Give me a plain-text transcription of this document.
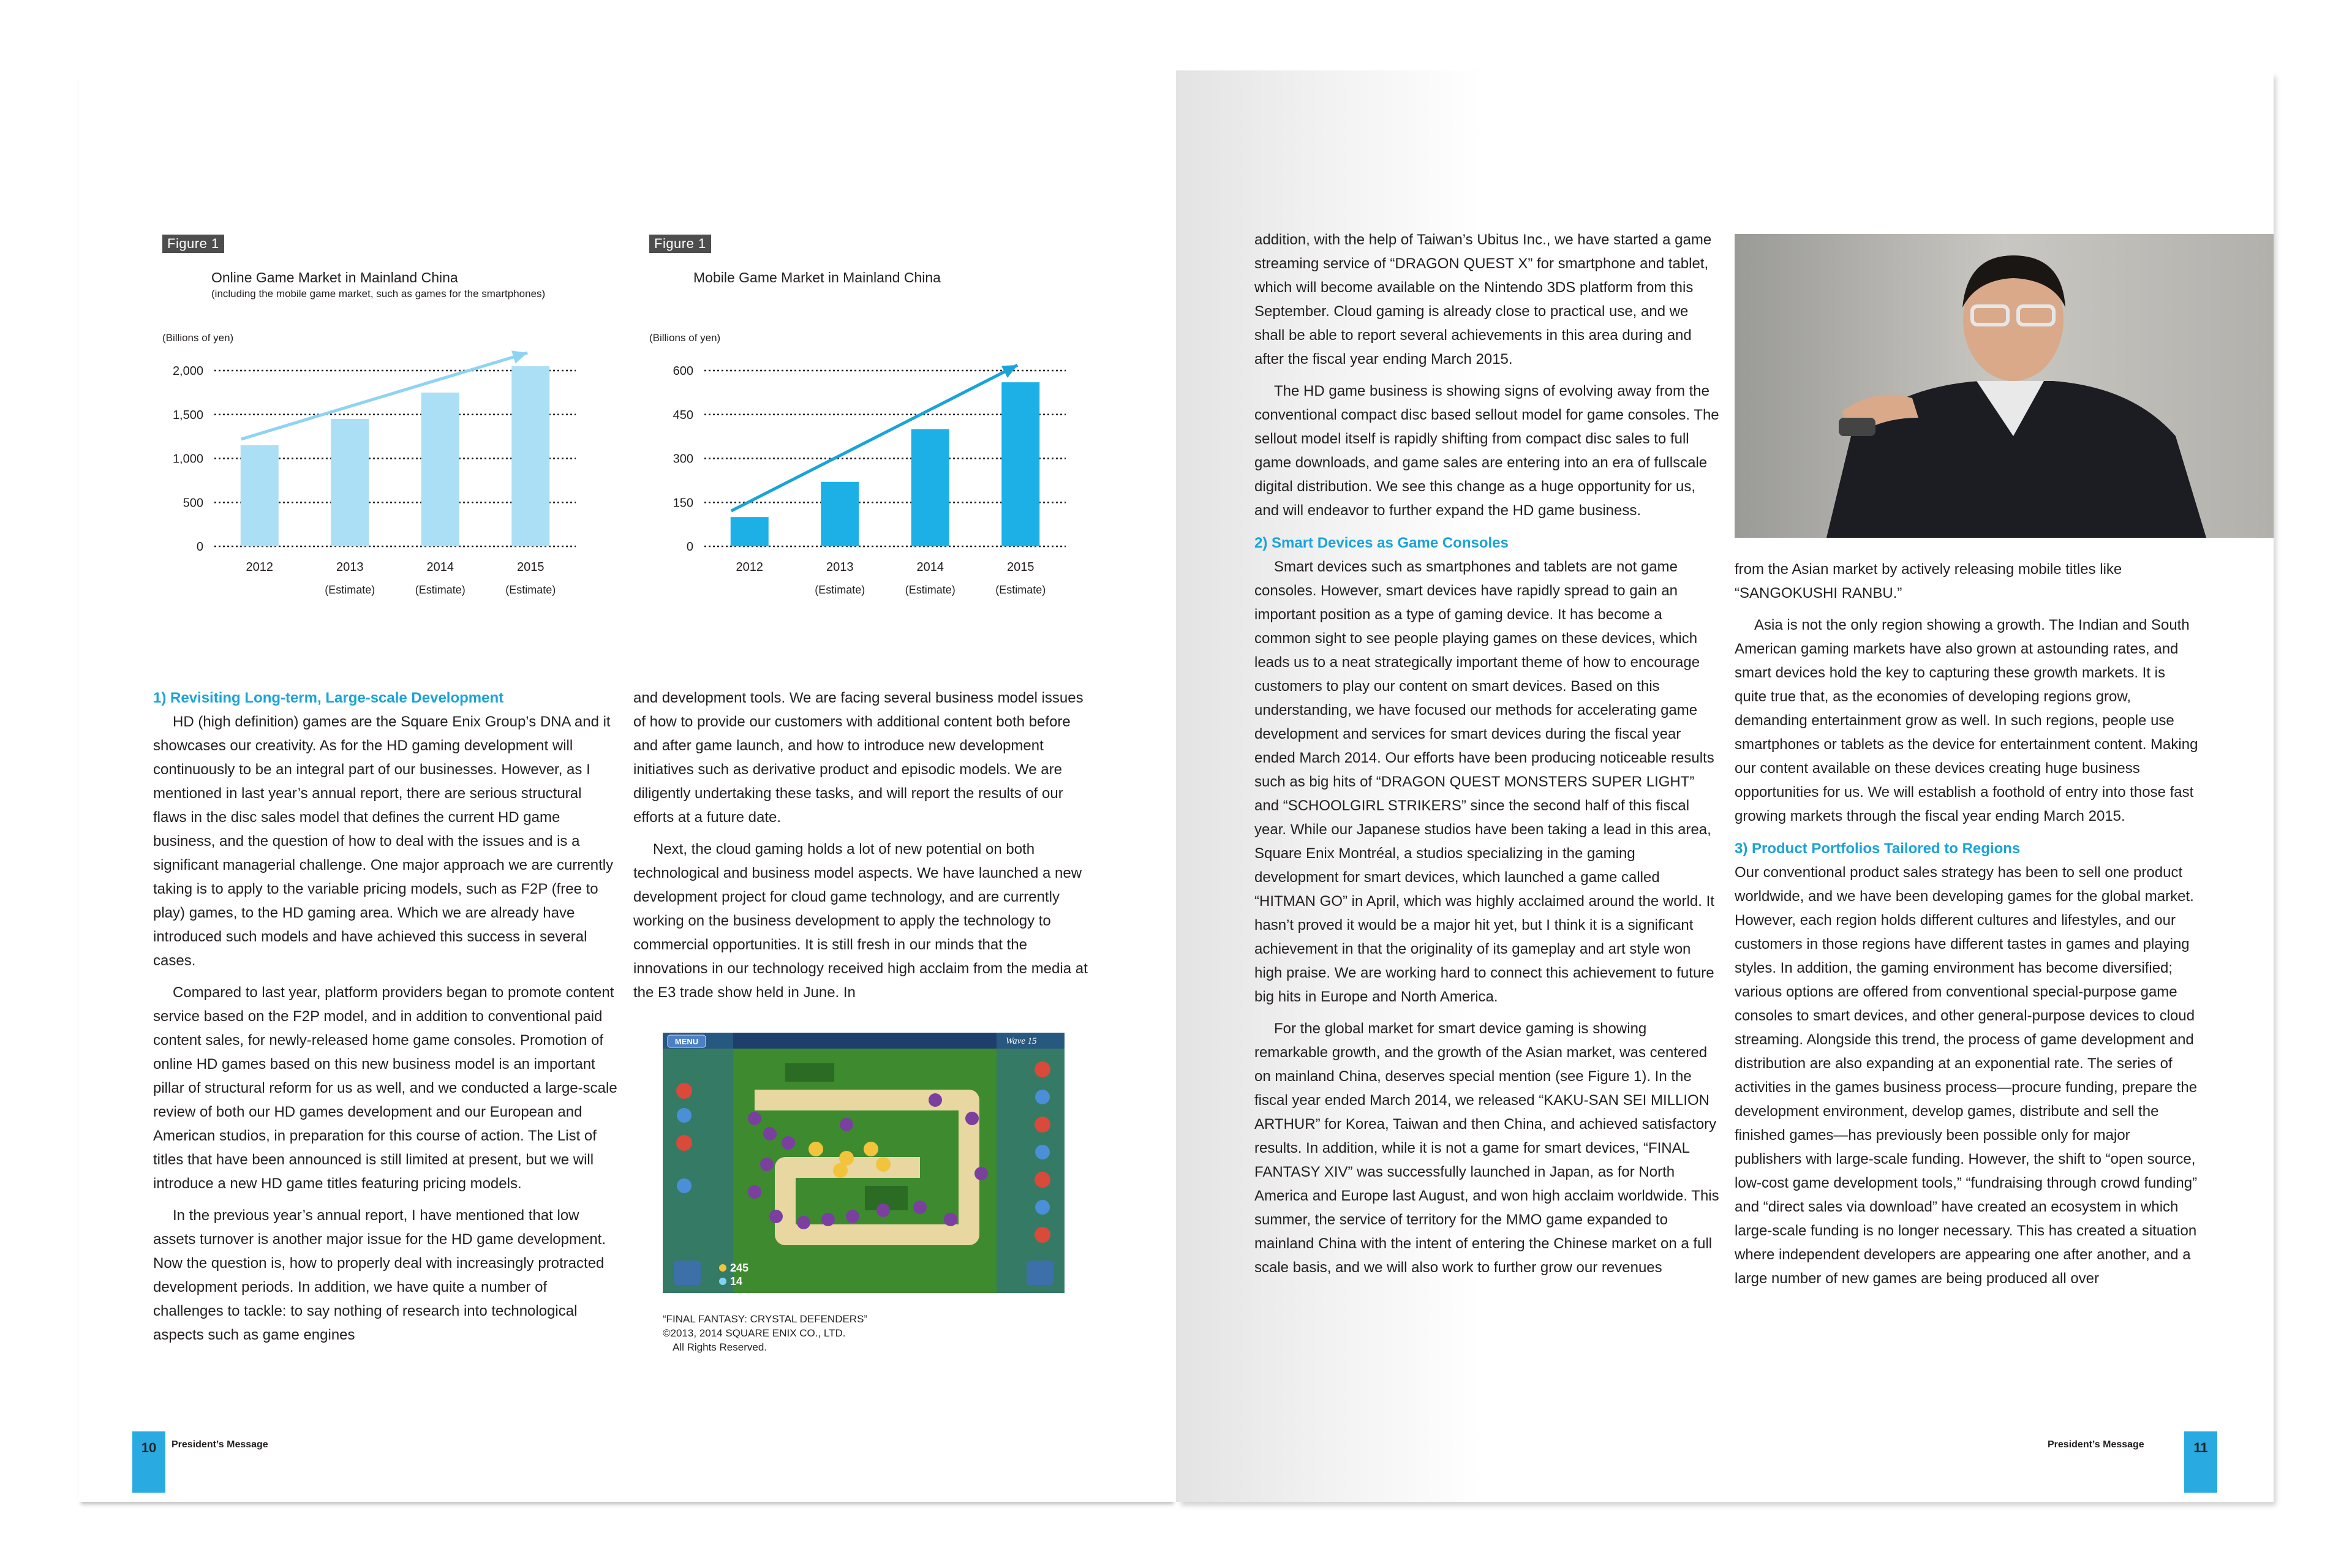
Figure 1
Online Game Market in Mainland China
(including the mobile game market, such as games for the smartphones)
(Billions of yen)
0
500
1,000
1,500
2,000
2012	2013
(Estimate)
2014
(Estimate)
2015
(Estimate)
Figure 1
Mobile Game Market in Mainland China
(Billions of yen)
0
150
300
450
600
2012	2013
(Estimate)
2014
(Estimate)
2015
(Estimate)
1) Revisiting Long-term, Large-scale Development

HD (high definition) games are the Square Enix Group’s DNA and it showcases our creativity. As for the HD gaming development will continuously to be an integral part of our businesses. However, as I mentioned in last year’s annual report, there are serious structural flaws in the disc sales model that defines the current HD game business, and the question of how to deal with the issues and is a significant managerial challenge. One major approach we are currently taking is to apply to the variable pricing models, such as F2P (free to play) games, to the HD gaming area. Which we are already have introduced such models and have achieved this success in several cases.

Compared to last year, platform providers began to promote content service based on the F2P model, and in addition to conventional paid content sales, for newly-released home game consoles. Promotion of online HD games based on this new business model is an important pillar of structural reform for us as well, and we conducted a large-scale review of both our HD games development and our European and American studios, in preparation for this course of action. The List of titles that have been announced is still limited at present, but we will introduce a new HD game titles featuring pricing models.

In the previous year’s annual report, I have mentioned that low assets turnover is another major issue for the HD game development. Now the question is, how to properly deal with increasingly protracted development periods. In addition, we have quite a number of challenges to tackle: to say nothing of research into technological aspects such as game engines

and development tools. We are facing several business model issues of how to provide our customers with additional content both before and after game launch, and how to introduce new development initiatives such as derivative product and episodic models. We are diligently undertaking these tasks, and will report the results of our efforts at a future date.

Next, the cloud gaming holds a lot of new potential on both technological and business model aspects. We have launched a new development project for cloud game technology, and are currently working on the business development to apply the technology to commercial opportunities. It is still fresh in our minds that the innovations in our technology received high acclaim from the media at the E3 trade show held in June. In

MENU	Wave 15
245
14
“FINAL FANTASY: CRYSTAL DEFENDERS”
©2013, 2014 SQUARE ENIX CO., LTD.
All Rights Reserved.
10	President’s Message

addition, with the help of Taiwan’s Ubitus Inc., we have started a game streaming service of “DRAGON QUEST X” for smartphone and tablet, which will become available on the Nintendo 3DS platform from this September. Cloud gaming is already close to practical use, and we shall be able to report several achievements in this area during and after the fiscal year ending March 2015.

The HD game business is showing signs of evolving away from the conventional compact disc based sellout model for game consoles. The sellout model itself is rapidly shifting from compact disc sales to full game downloads, and game sales are entering into an era of fullscale digital distribution. We see this change as a huge opportunity for us, and will endeavor to further expand the HD game business.

2) Smart Devices as Game Consoles

Smart devices such as smartphones and tablets are not game consoles. However, smart devices have rapidly spread to gain an important position as a type of gaming device. It has become a common sight to see people playing games on these devices, which leads us to a neat strategically important theme of how to encourage customers to play our content on smart devices. Based on this understanding, we have focused our methods for accelerating game development and services for smart devices during the fiscal year ended March 2014. Our efforts have been producing noticeable results such as big hits of “DRAGON QUEST MONSTERS SUPER LIGHT” and “SCHOOLGIRL STRIKERS” since the second half of this fiscal year. While our Japanese studios have been taking a lead in this area, Square Enix Montréal, a studios specializing in the gaming development for smart devices, which launched a game called “HITMAN GO” in April, which was highly acclaimed around the world. It hasn’t proved it would be a major hit yet, but I think it is a significant achievement in that the originality of its gameplay and art style won high praise. We are working hard to connect this achievement to future big hits in Europe and North America.

For the global market for smart device gaming is showing remarkable growth, and the growth of the Asian market, was centered on mainland China, deserves special mention (see Figure 1). In the fiscal year ended March 2014, we released “KAKU-SAN SEI MILLION ARTHUR” for Korea, Taiwan and then China, and achieved satisfactory results. In addition, while it is not a game for smart devices, “FINAL FANTASY XIV” was successfully launched in Japan, as for North America and Europe last August, and won high acclaim worldwide. This summer, the service of territory for the MMO game expanded to mainland China with the intent of entering the Chinese market on a full scale basis, and we will also work to further grow our revenues

from the Asian market by actively releasing mobile titles like “SANGOKUSHI RANBU.”

Asia is not the only region showing a growth. The Indian and South American gaming markets have also grown at astounding rates, and smart devices hold the key to capturing these growth markets. It is quite true that, as the economies of developing regions grow, demanding entertainment grow as well. In such regions, people use smartphones or tablets as the device for entertainment content. Making our content available on these devices creating huge business opportunities for us. We will establish a foothold of entry into those fast growing markets through the fiscal year ending March 2015.

3) Product Portfolios Tailored to Regions

Our conventional product sales strategy has been to sell one product worldwide, and we have been developing games for the global market. However, each region holds different cultures and lifestyles, and our customers in those regions have different tastes in games and playing styles. In addition, the gaming environment has become diversified; various options are offered from conventional special-purpose game consoles to smart devices, and other general-purpose devices to cloud streaming. Alongside this trend, the process of game development and distribution are also expanding at an exponential rate. The series of activities in the games business process—procure funding, prepare the development environment, develop games, distribute and sell the finished games—has previously been possible only for major publishers with large-scale funding. However, the shift to “open source, low-cost game development tools,” “fundraising through crowd funding” and “direct sales via download” have created an ecosystem in which large-scale funding is no longer necessary. This has created a situation where independent developers are appearing one after another, and a large number of new games are being produced all over

President’s Message	11
